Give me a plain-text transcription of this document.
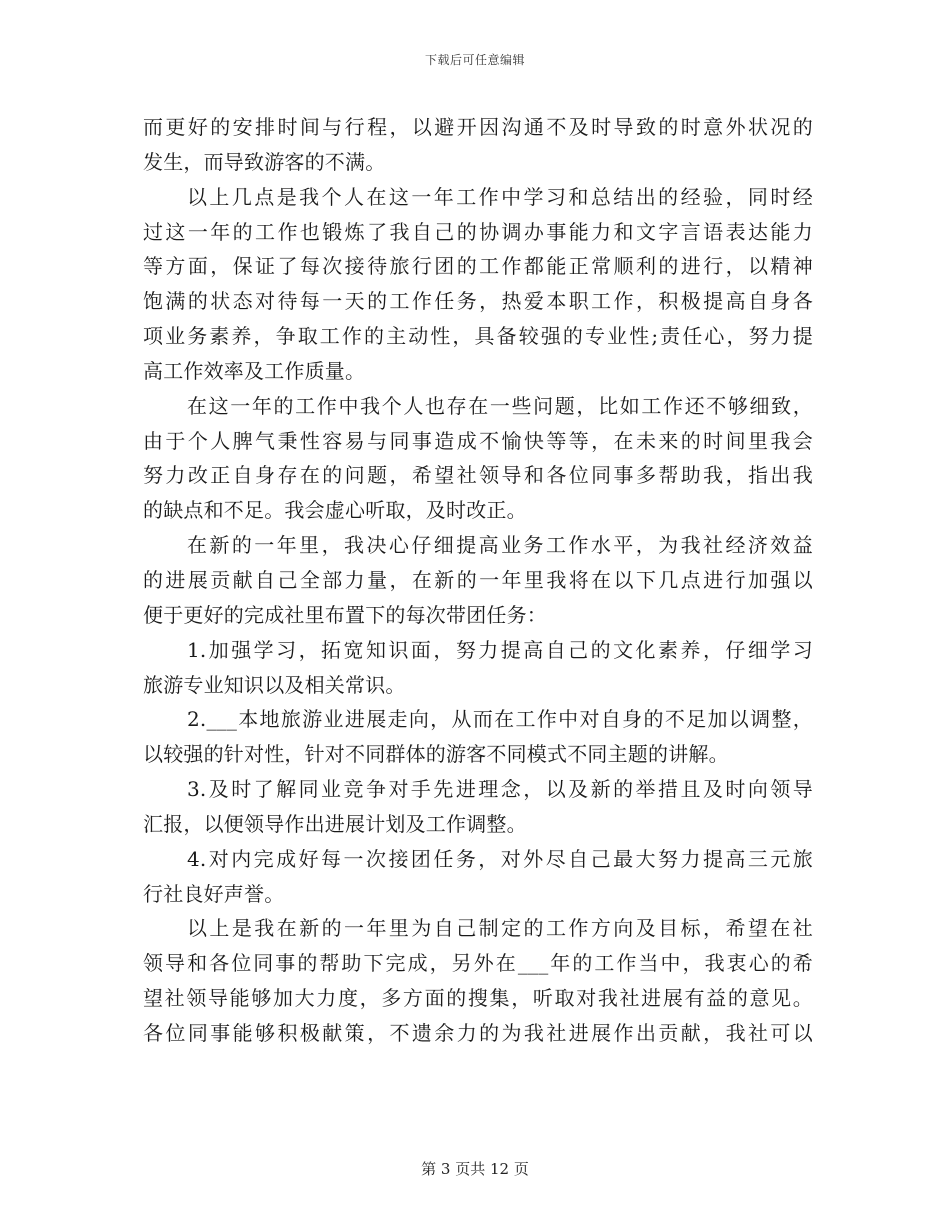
下载后可任意编辑
而更好的安排时间与行程，以避开因沟通不及时导致的时意外状况的
发生，而导致游客的不满。
以上几点是我个人在这一年工作中学习和总结出的经验，同时经
过这一年的工作也锻炼了我自己的协调办事能力和文字言语表达能力
等方面，保证了每次接待旅行团的工作都能正常顺利的进行，以精神
饱满的状态对待每一天的工作任务，热爱本职工作，积极提高自身各
项业务素养，争取工作的主动性，具备较强的专业性;责任心，努力提
高工作效率及工作质量。
在这一年的工作中我个人也存在一些问题，比如工作还不够细致，
由于个人脾气秉性容易与同事造成不愉快等等，在未来的时间里我会
努力改正自身存在的问题，希望社领导和各位同事多帮助我，指出我
的缺点和不足。我会虚心听取，及时改正。
在新的一年里，我决心仔细提高业务工作水平，为我社经济效益
的进展贡献自己全部力量，在新的一年里我将在以下几点进行加强以
便于更好的完成社里布置下的每次带团任务：
1.加强学习，拓宽知识面，努力提高自己的文化素养，仔细学习
旅游专业知识以及相关常识。
2.___本地旅游业进展走向，从而在工作中对自身的不足加以调整，
以较强的针对性，针对不同群体的游客不同模式不同主题的讲解。
3.及时了解同业竞争对手先进理念，以及新的举措且及时向领导
汇报，以便领导作出进展计划及工作调整。
4.对内完成好每一次接团任务，对外尽自己最大努力提高三元旅
行社良好声誉。
以上是我在新的一年里为自己制定的工作方向及目标，希望在社
领导和各位同事的帮助下完成，另外在___年的工作当中，我衷心的希
望社领导能够加大力度，多方面的搜集，听取对我社进展有益的意见。
各位同事能够积极献策，不遗余力的为我社进展作出贡献，我社可以
第 3 页共 12 页
